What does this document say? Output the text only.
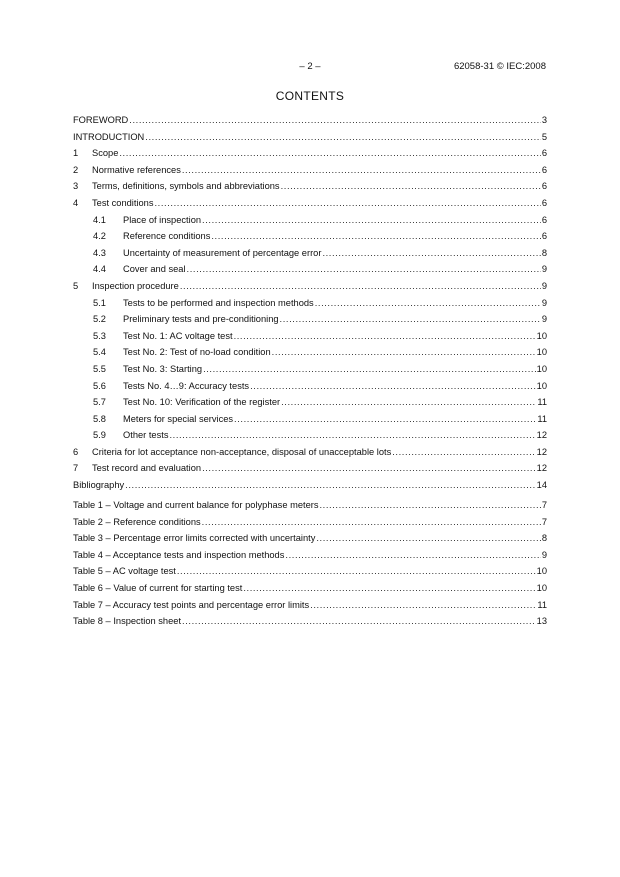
– 2 –	62058-31 © IEC:2008
CONTENTS
FOREWORD .....	3
INTRODUCTION .....	5
1	Scope .....	6
2	Normative references .....	6
3	Terms, definitions, symbols and abbreviations .....	6
4	Test conditions .....	6
4.1	Place of inspection .....	6
4.2	Reference conditions .....	6
4.3	Uncertainty of measurement of percentage error .....	8
4.4	Cover and seal .....	9
5	Inspection procedure .....	9
5.1	Tests to be performed and inspection methods .....	9
5.2	Preliminary tests and pre-conditioning .....	9
5.3	Test No. 1: AC voltage test .....	10
5.4	Test No. 2: Test of no-load condition .....	10
5.5	Test No. 3: Starting .....	10
5.6	Tests No. 4…9: Accuracy tests .....	10
5.7	Test No. 10: Verification of the register .....	11
5.8	Meters for special services .....	11
5.9	Other tests .....	12
6	Criteria for lot acceptance non-acceptance, disposal of unacceptable lots .....	12
7	Test record and evaluation .....	12
Bibliography .....	14
Table 1 – Voltage and current balance for polyphase meters .....	7
Table 2 – Reference conditions .....	7
Table 3 – Percentage error limits corrected with uncertainty .....	8
Table 4 – Acceptance tests and inspection methods .....	9
Table 5 – AC voltage test .....	10
Table 6 – Value of current for starting test .....	10
Table 7 – Accuracy test points and percentage error limits .....	11
Table 8 – Inspection sheet .....	13
